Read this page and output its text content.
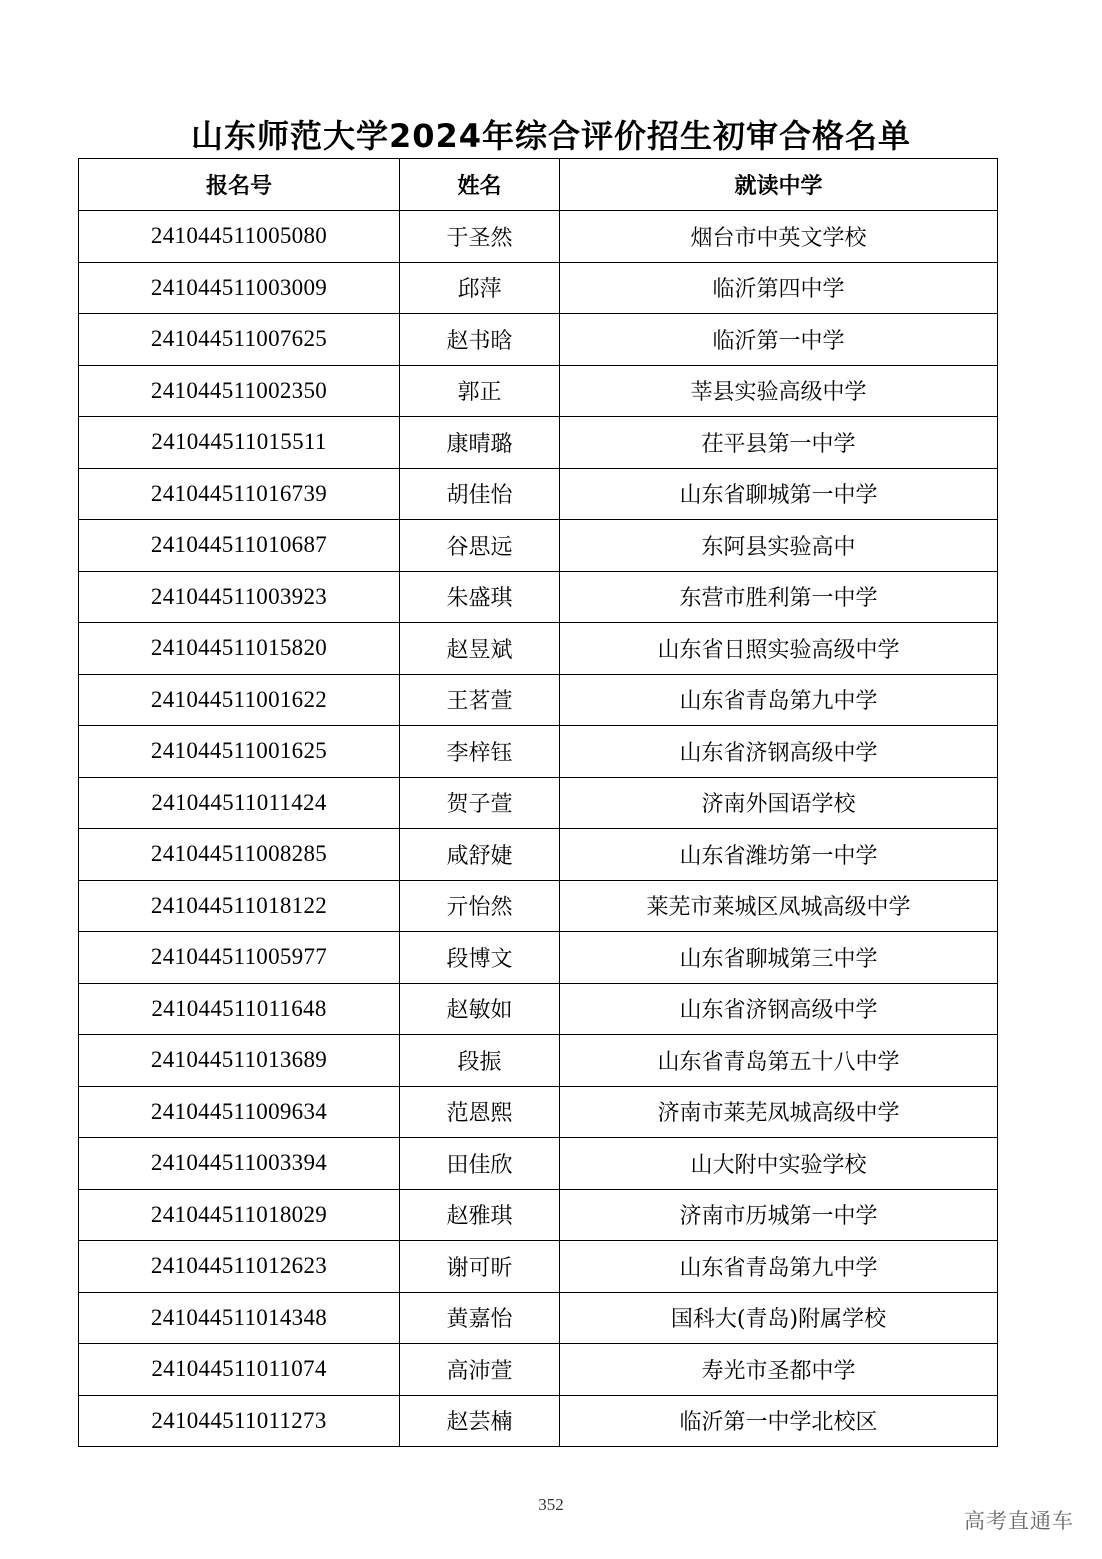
山东师范大学2024年综合评价招生初审合格名单
报名号	姓名	就读中学
241044511005080	于圣然	烟台市中英文学校
241044511003009	邱萍	临沂第四中学
241044511007625	赵书晗	临沂第一中学
241044511002350	郭正	莘县实验高级中学
241044511015511	康晴璐	茌平县第一中学
241044511016739	胡佳怡	山东省聊城第一中学
241044511010687	谷思远	东阿县实验高中
241044511003923	朱盛琪	东营市胜利第一中学
241044511015820	赵昱斌	山东省日照实验高级中学
241044511001622	王茗萱	山东省青岛第九中学
241044511001625	李梓钰	山东省济钢高级中学
241044511011424	贺子萱	济南外国语学校
241044511008285	咸舒婕	山东省潍坊第一中学
241044511018122	亓怡然	莱芜市莱城区凤城高级中学
241044511005977	段博文	山东省聊城第三中学
241044511011648	赵敏如	山东省济钢高级中学
241044511013689	段振	山东省青岛第五十八中学
241044511009634	范恩熙	济南市莱芜凤城高级中学
241044511003394	田佳欣	山大附中实验学校
241044511018029	赵雅琪	济南市历城第一中学
241044511012623	谢可昕	山东省青岛第九中学
241044511014348	黄嘉怡	国科大(青岛)附属学校
241044511011074	高沛萱	寿光市圣都中学
241044511011273	赵芸楠	临沂第一中学北校区
352
高考直通车
